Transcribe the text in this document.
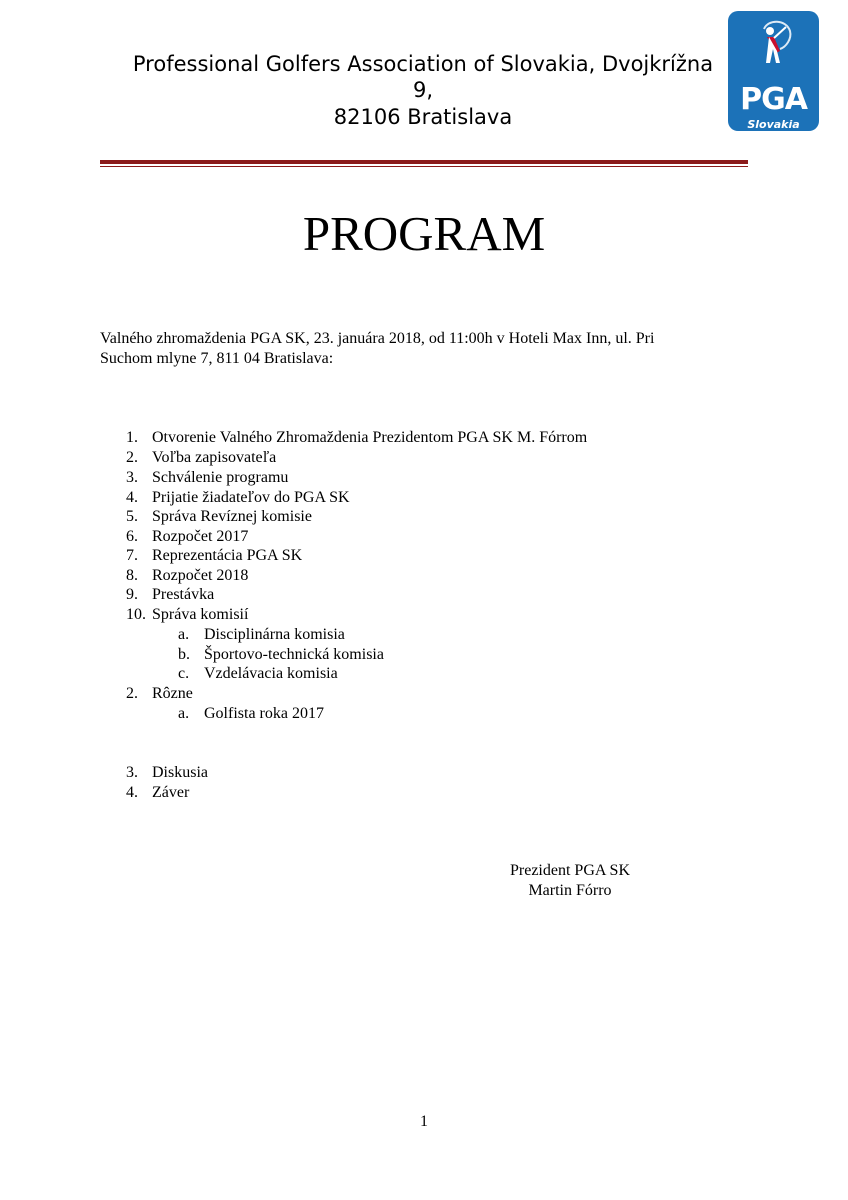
Professional Golfers Association of Slovakia, Dvojkrížna

9,

82106 Bratislava	PGA
Slovakia
PROGRAM
Valného zhromaždenia PGA SK, 23. januára 2018, od 11:00h v Hoteli Max Inn, ul. Pri
Suchom mlyne 7, 811 04 Bratislava:
1. Otvorenie Valného Zhromaždenia Prezidentom PGA SK M. Fórrom
2. Voľba zapisovateľa
3. Schválenie programu
4. Prijatie žiadateľov do PGA SK
5. Správa Revíznej komisie
6. Rozpočet 2017
7. Reprezentácia PGA SK
8. Rozpočet 2018
9. Prestávka
10. Správa komisií
a. Disciplinárna komisia
b. Športovo-technická komisia
c. Vzdelávacia komisia
2. Rôzne
a. Golfista roka 2017
3. Diskusia
4. Záver

Prezident PGA SK

Martin Fórro

1
